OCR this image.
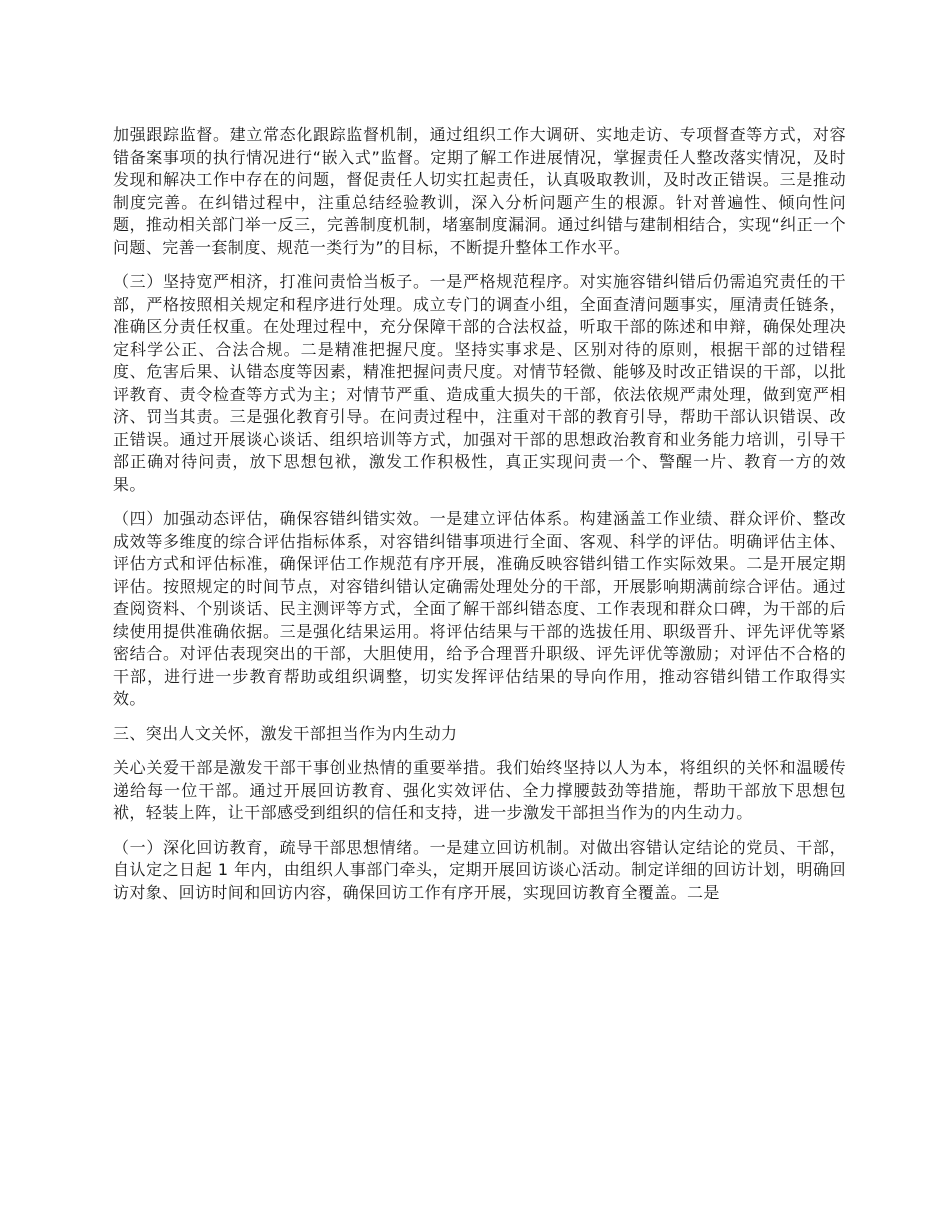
加强跟踪监督。建立常态化跟踪监督机制，通过组织工作大调研、实地走访、专项督查等方式，对容错备案事项的执行情况进行“嵌入式”监督。定期了解工作进展情况，掌握责任人整改落实情况，及时发现和解决工作中存在的问题，督促责任人切实扛起责任，认真吸取教训，及时改正错误。三是推动制度完善。在纠错过程中，注重总结经验教训，深入分析问题产生的根源。针对普遍性、倾向性问题，推动相关部门举一反三，完善制度机制，堵塞制度漏洞。通过纠错与建制相结合，实现“纠正一个问题、完善一套制度、规范一类行为”的目标，不断提升整体工作水平。

（三）坚持宽严相济，打准问责恰当板子。一是严格规范程序。对实施容错纠错后仍需追究责任的干部，严格按照相关规定和程序进行处理。成立专门的调查小组，全面查清问题事实，厘清责任链条，准确区分责任权重。在处理过程中，充分保障干部的合法权益，听取干部的陈述和申辩，确保处理决定科学公正、合法合规。二是精准把握尺度。坚持实事求是、区别对待的原则，根据干部的过错程度、危害后果、认错态度等因素，精准把握问责尺度。对情节轻微、能够及时改正错误的干部，以批评教育、责令检查等方式为主；对情节严重、造成重大损失的干部，依法依规严肃处理，做到宽严相济、罚当其责。三是强化教育引导。在问责过程中，注重对干部的教育引导，帮助干部认识错误、改正错误。通过开展谈心谈话、组织培训等方式，加强对干部的思想政治教育和业务能力培训，引导干部正确对待问责，放下思想包袱，激发工作积极性，真正实现问责一个、警醒一片、教育一方的效果。

（四）加强动态评估，确保容错纠错实效。一是建立评估体系。构建涵盖工作业绩、群众评价、整改成效等多维度的综合评估指标体系，对容错纠错事项进行全面、客观、科学的评估。明确评估主体、评估方式和评估标准，确保评估工作规范有序开展，准确反映容错纠错工作实际效果。二是开展定期评估。按照规定的时间节点，对容错纠错认定确需处理处分的干部，开展影响期满前综合评估。通过查阅资料、个别谈话、民主测评等方式，全面了解干部纠错态度、工作表现和群众口碑，为干部的后续使用提供准确依据。三是强化结果运用。将评估结果与干部的选拔任用、职级晋升、评先评优等紧密结合。对评估表现突出的干部，大胆使用，给予合理晋升职级、评先评优等激励；对评估不合格的干部，进行进一步教育帮助或组织调整，切实发挥评估结果的导向作用，推动容错纠错工作取得实效。

三、突出人文关怀，激发干部担当作为内生动力

关心关爱干部是激发干部干事创业热情的重要举措。我们始终坚持以人为本，将组织的关怀和温暖传递给每一位干部。通过开展回访教育、强化实效评估、全力撑腰鼓劲等措施，帮助干部放下思想包袱，轻装上阵，让干部感受到组织的信任和支持，进一步激发干部担当作为的内生动力。

（一）深化回访教育，疏导干部思想情绪。一是建立回访机制。对做出容错认定结论的党员、干部，自认定之日起 1 年内，由组织人事部门牵头，定期开展回访谈心活动。制定详细的回访计划，明确回访对象、回访时间和回访内容，确保回访工作有序开展，实现回访教育全覆盖。二是
